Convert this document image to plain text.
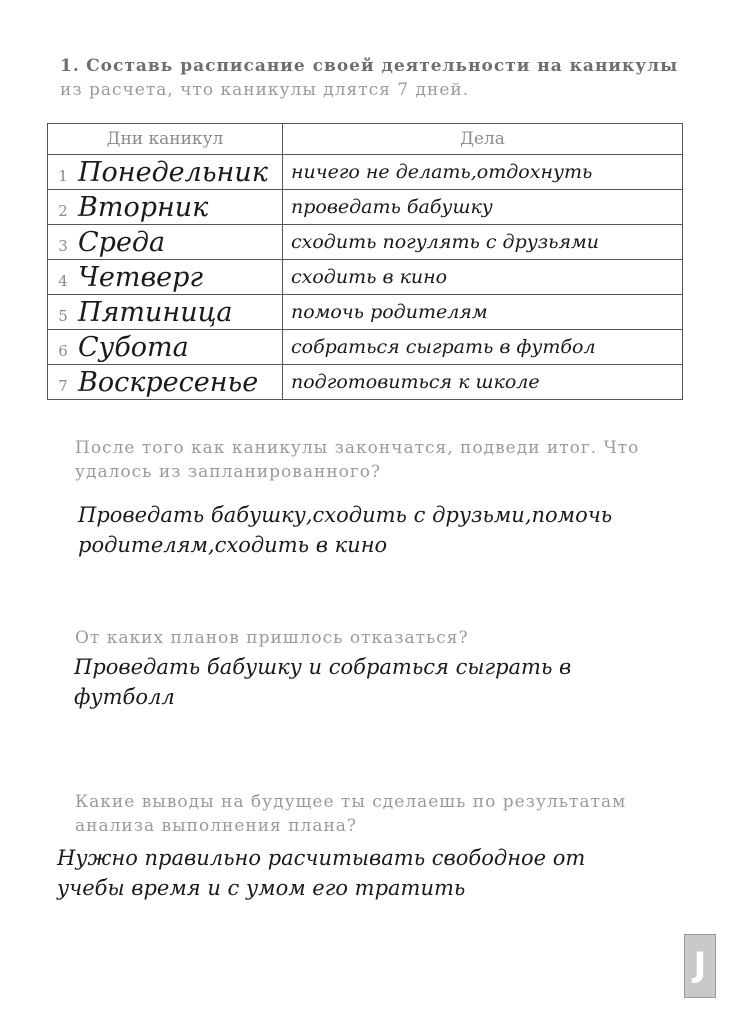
1. Составь расписание своей деятельности на каникулы из расчета, что каникулы длятся 7 дней.
Дни каникул	Дела
1 Понедельник	ничего не делать,отдохнуть
2 Вторник	проведать бабушку
3 Среда	сходить погулять с друзьями
4 Четверг	сходить в кино
5 Пятиница	помочь родителям
6 Субота	собраться сыграть в футбол
7 Воскресенье	подготовиться к школе
После того как каникулы закончатся, подведи итог. Что удалось из запланированного?
Проведать бабушку,сходить с друзьми,помочь родителям,сходить в кино
От каких планов пришлось отказаться?
Проведать бабушку и собраться сыграть в футболл
Какие выводы на будущее ты сделаешь по результатам анализа выполнения плана?
Нужно правильно расчитывать свободное от учебы время и с умом его тратить
J
